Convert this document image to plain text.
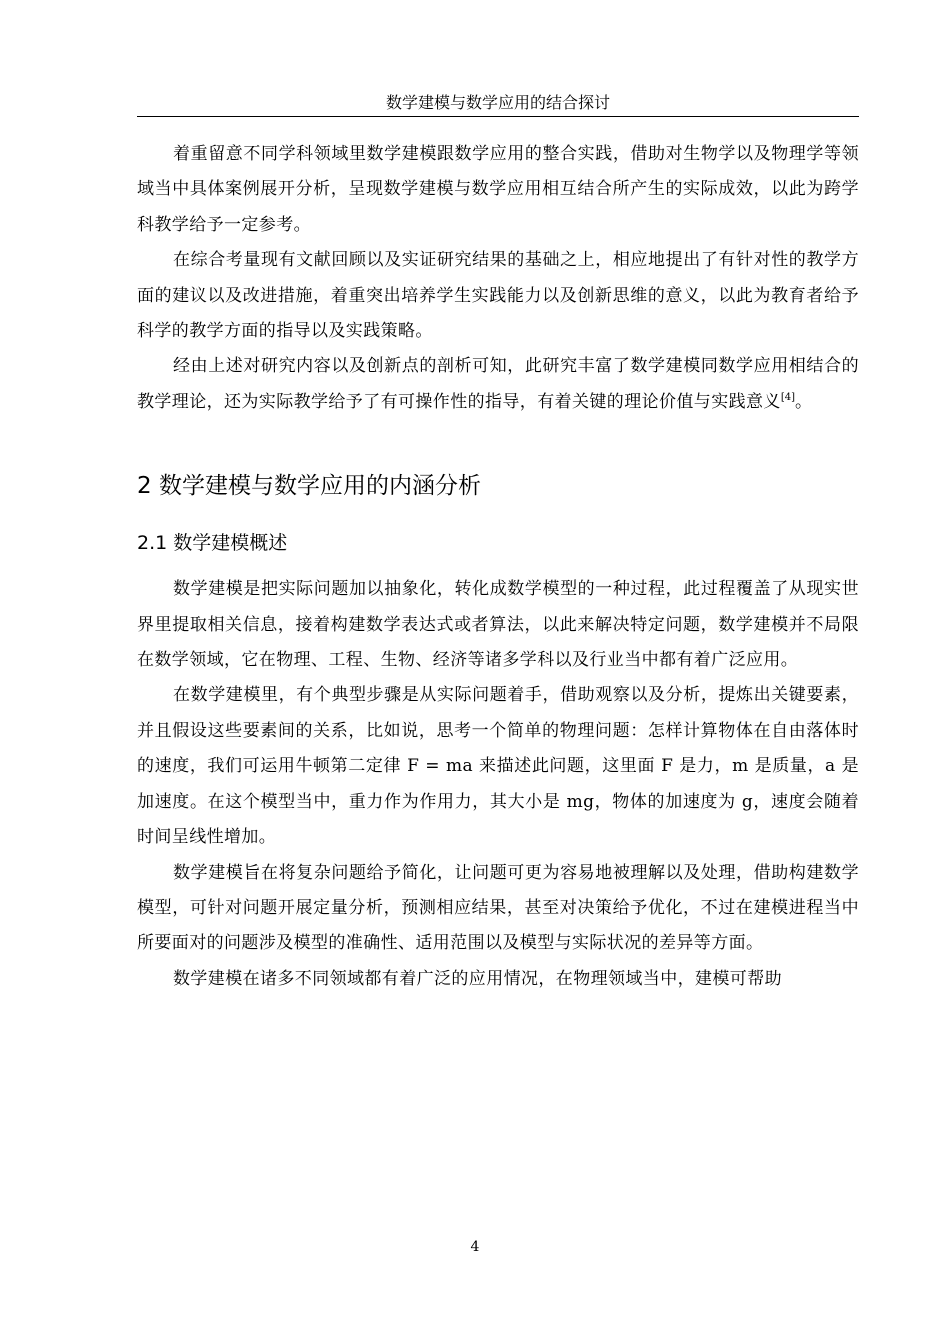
数学建模与数学应用的结合探讨

着重留意不同学科领域里数学建模跟数学应用的整合实践，借助对生物学以及物理学等领域当中具体案例展开分析，呈现数学建模与数学应用相互结合所产生的实际成效，以此为跨学科教学给予一定参考。

在综合考量现有文献回顾以及实证研究结果的基础之上，相应地提出了有针对性的教学方面的建议以及改进措施，着重突出培养学生实践能力以及创新思维的意义，以此为教育者给予科学的教学方面的指导以及实践策略。

经由上述对研究内容以及创新点的剖析可知，此研究丰富了数学建模同数学应用相结合的教学理论，还为实际教学给予了有可操作性的指导，有着关键的理论价值与实践意义[4]。

2 数学建模与数学应用的内涵分析
2.1 数学建模概述

数学建模是把实际问题加以抽象化，转化成数学模型的一种过程，此过程覆盖了从现实世界里提取相关信息，接着构建数学表达式或者算法，以此来解决特定问题，数学建模并不局限在数学领域，它在物理、工程、生物、经济等诸多学科以及行业当中都有着广泛应用。

在数学建模里，有个典型步骤是从实际问题着手，借助观察以及分析，提炼出关键要素，并且假设这些要素间的关系，比如说，思考一个简单的物理问题：怎样计算物体在自由落体时的速度，我们可运用牛顿第二定律 F = ma 来描述此问题，这里面 F 是力，m 是质量，a 是加速度。在这个模型当中，重力作为作用力，其大小是 mg，物体的加速度为 g，速度会随着时间呈线性增加。

数学建模旨在将复杂问题给予简化，让问题可更为容易地被理解以及处理，借助构建数学模型，可针对问题开展定量分析，预测相应结果，甚至对决策给予优化，不过在建模进程当中所要面对的问题涉及模型的准确性、适用范围以及模型与实际状况的差异等方面。

数学建模在诸多不同领域都有着广泛的应用情况，在物理领域当中，建模可帮助

4
